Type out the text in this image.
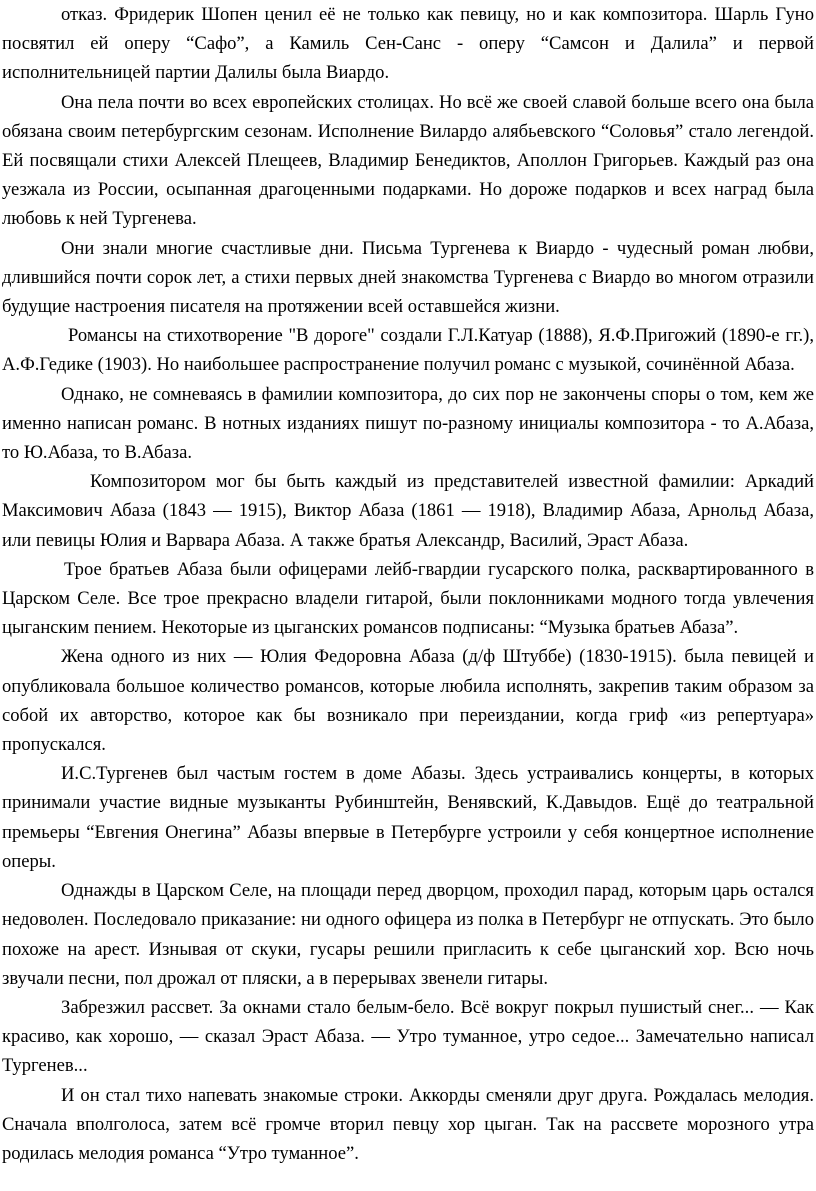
отказ. Фридерик Шопен ценил её не только как певицу, но и как композитора. Шарль Гуно посвятил ей оперу “Сафо”, а Камиль Сен-Санс - оперу “Самсон и Далила” и первой исполнительницей партии Далилы была Виардо.

Она пела почти во всех европейских столицах. Но всё же своей славой больше всего она была обязана своим петербургским сезонам. Исполнение Вилардо алябьевского “Соловья” стало легендой. Ей посвящали стихи Алексей Плещеев, Владимир Бенедиктов, Аполлон Григорьев. Каждый раз она уезжала из России, осыпанная драгоценными подарками. Но дороже подарков и всех наград была любовь к ней Тургенева.

Они знали многие счастливые дни. Письма Тургенева к Виардо - чудесный роман любви, длившийся почти сорок лет, а стихи первых дней знакомства Тургенева с Виардо во многом отразили будущие настроения писателя на протяжении всей оставшейся жизни.

Романсы на стихотворение "В дороге" создали Г.Л.Катуар (1888), Я.Ф.Пригожий (1890-е гг.), А.Ф.Гедике (1903). Но наибольшее распространение получил романс с музыкой, сочинённой Абаза.

Однако, не сомневаясь в фамилии композитора, до сих пор не закончены споры о том, кем же именно написан романс. В нотных изданиях пишут по-разному инициалы композитора - то А.Абаза, то Ю.Абаза, то В.Абаза.

Композитором мог бы быть каждый из представителей известной фамилии: Аркадий Максимович Абаза (1843 — 1915), Виктор Абаза (1861 — 1918), Владимир Абаза, Арнольд Абаза, или певицы Юлия и Варвара Абаза. А также братья Александр, Василий, Эраст Абаза.

Трое братьев Абаза были офицерами лейб-гвардии гусарского полка, расквартированного в Царском Селе. Все трое прекрасно владели гитарой, были поклонниками модного тогда увлечения цыганским пением. Некоторые из цыганских романсов подписаны: “Музыка братьев Абаза”.

Жена одного из них — Юлия Федоровна Абаза (д/ф Штуббе) (1830-1915). была певицей и опубликовала большое количество романсов, которые любила исполнять, закрепив таким образом за собой их авторство, которое как бы возникало при переиздании, когда гриф «из репертуара» пропускался.

И.С.Тургенев был частым гостем в доме Абазы. Здесь устраивались концерты, в которых принимали участие видные музыканты Рубинштейн, Венявский, К.Давыдов. Ещё до театральной премьеры “Евгения Онегина” Абазы впервые в Петербурге устроили у себя концертное исполнение оперы.

Однажды в Царском Селе, на площади перед дворцом, проходил парад, которым царь остался недоволен. Последовало приказание: ни одного офицера из полка в Петербург не отпускать. Это было похоже на арест. Изнывая от скуки, гусары решили пригласить к себе цыганский хор. Всю ночь звучали песни, пол дрожал от пляски, а в перерывах звенели гитары.

Забрезжил рассвет. За окнами стало белым-бело. Всё вокруг покрыл пушистый снег... — Как красиво, как хорошо, — сказал Эраст Абаза. — Утро туманное, утро седое... Замечательно написал Тургенев...

И он стал тихо напевать знакомые строки. Аккорды сменяли друг друга. Рождалась мелодия. Сначала вполголоса, затем всё громче вторил певцу хор цыган. Так на рассвете морозного утра родилась мелодия романса “Утро туманное”.
